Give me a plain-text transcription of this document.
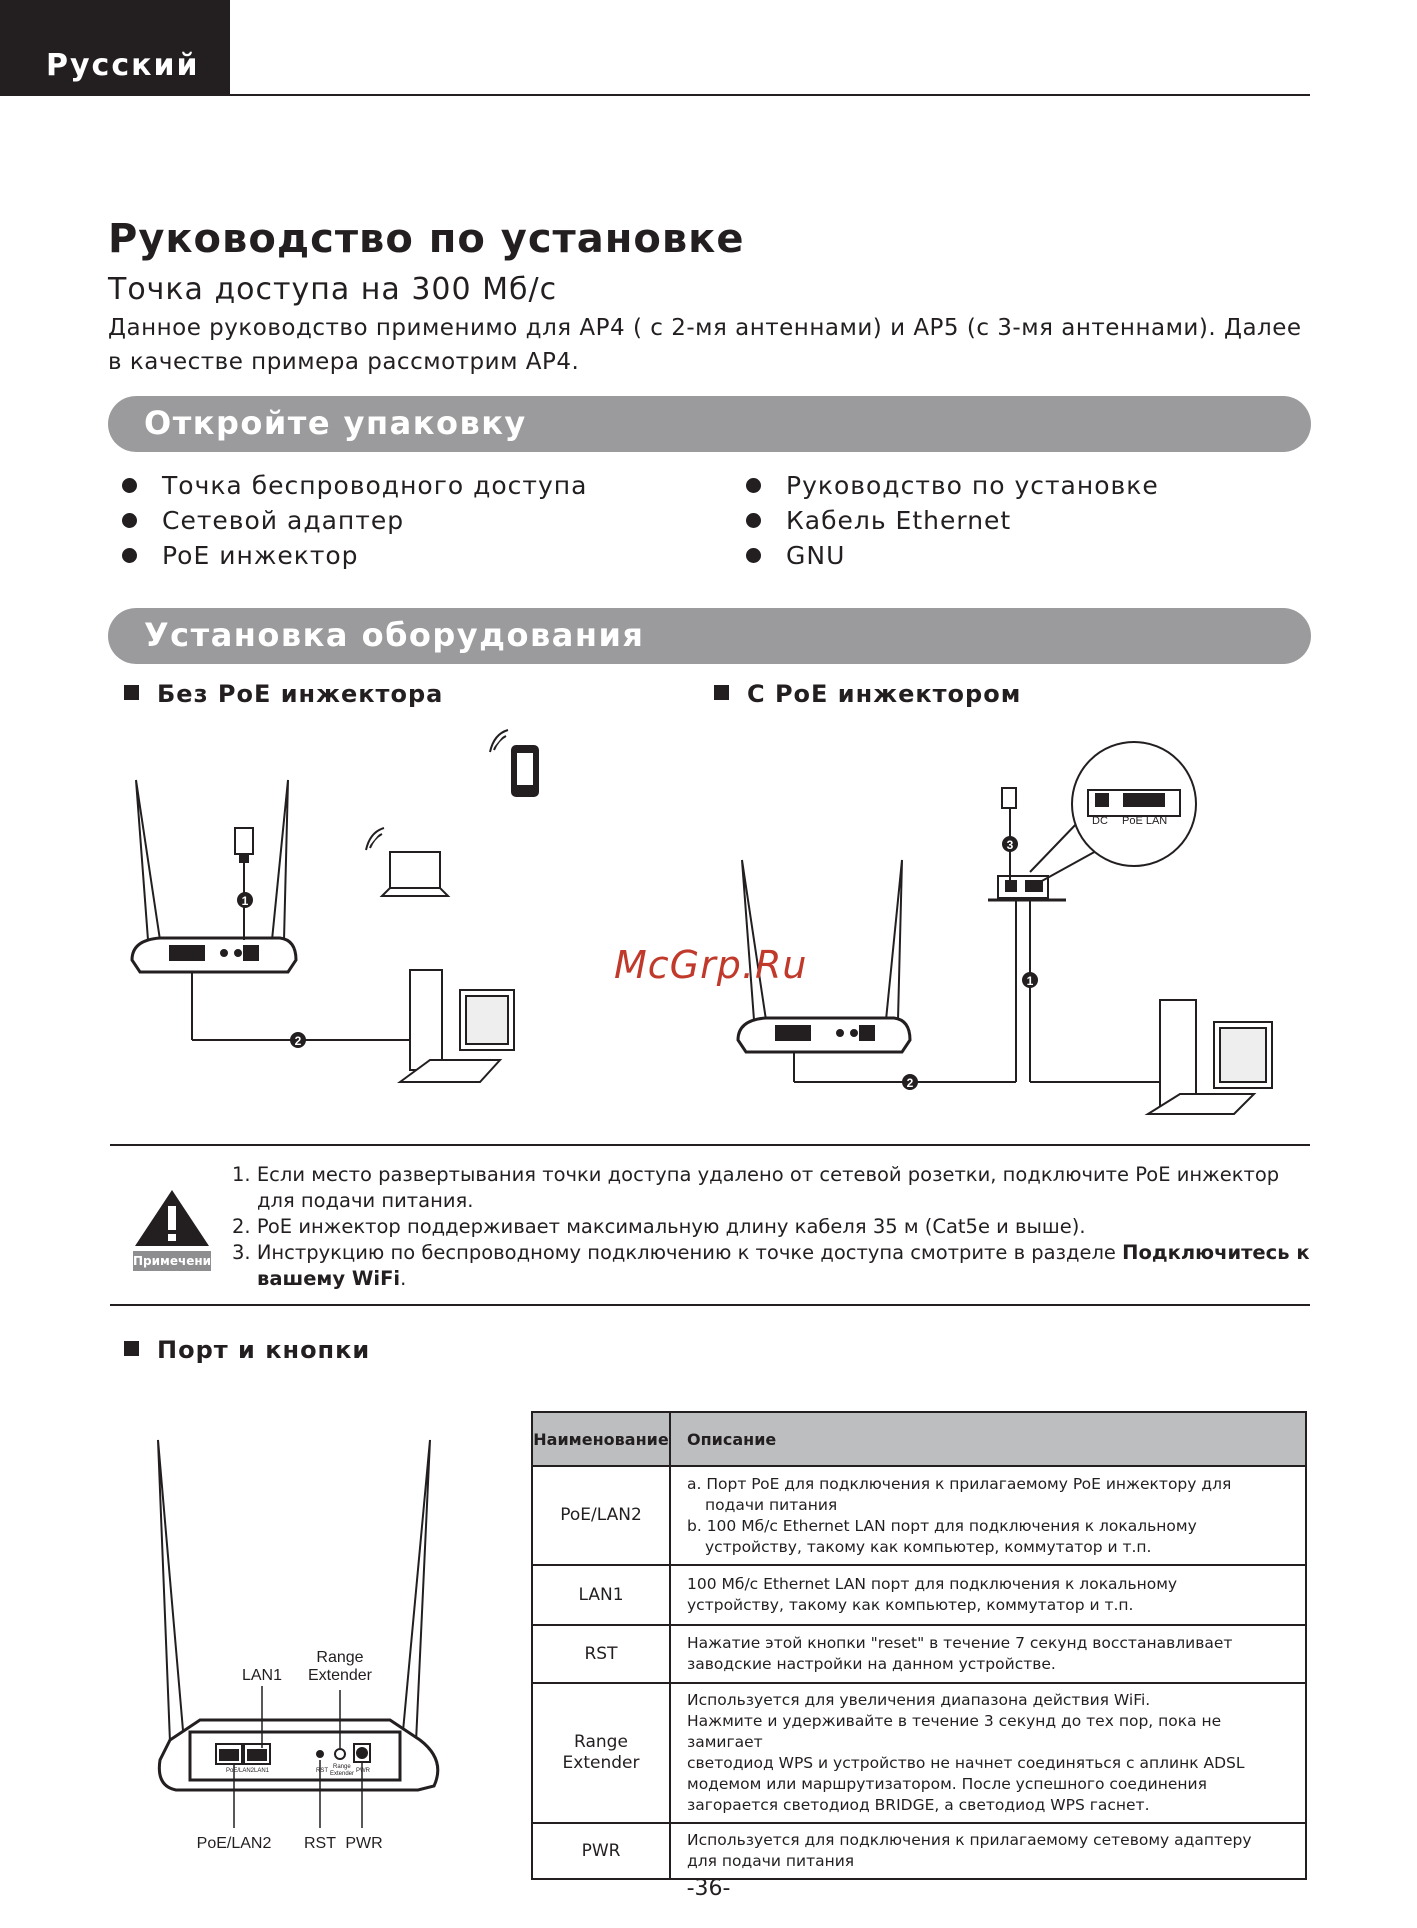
Русский
Руководство по установке
Точка доступа на 300 Мб/с
Данное руководство применимо для AP4 ( с 2-мя антеннами) и AP5 (с 3-мя антеннами). Далее в качестве примера рассмотрим AP4.
Откройте упаковку
Точка беспроводного доступа
Сетевой адаптер
PoE инжектор
Руководство по установке
Кабель Ethernet
GNU
Установка оборудования
Без PoE инжектора	С PoE инжектором
1
2
3
DC PoE LAN
1
2
McGrp.Ru
Примечение
1. Если место развертывания точки доступа удалено от сетевой розетки, подключите PoE инжектор для подачи питания.
2. PoE инжектор поддерживает максимальную длину кабеля 35 м (Cat5e и выше).
3. Инструкцию по беспроводному подключению к точке доступа смотрите в разделе Подключитесь к вашему WiFi.
Порт и кнопки
PoE/LAN2 LAN1	RST
Range
Extender PWR
LAN1
Range
Extender
PoE/LAN2 RST PWR
Наименование	Описание
PoE/LAN2	a. Порт PoE для подключения к прилагаемому PoE инжектору для подачи питания
b. 100 Мб/с Ethernet LAN порт для подключения к локальному устройству, такому как компьютер, коммутатор и т.п.

LAN1	100 Мб/с Ethernet LAN порт для подключения к локальному
устройству, такому как компьютер, коммутатор и т.п.

RST	Нажатие этой кнопки "reset" в течение 7 секунд восстанавливает
заводские настройки на данном устройстве.

Range
Extender	Используется для увеличения диапазона действия WiFi.
Нажмите и удерживайте в течение 3 секунд до тех пор, пока не замигает
светодиод WPS и устройство не начнет соединяться с аплинк ADSL
модемом или маршрутизатором. После успешного соединения
загорается светодиод BRIDGE, а светодиод WPS гаснет.

PWR	Используется для подключения к прилагаемому сетевому адаптеру
для подачи питания
-36-
